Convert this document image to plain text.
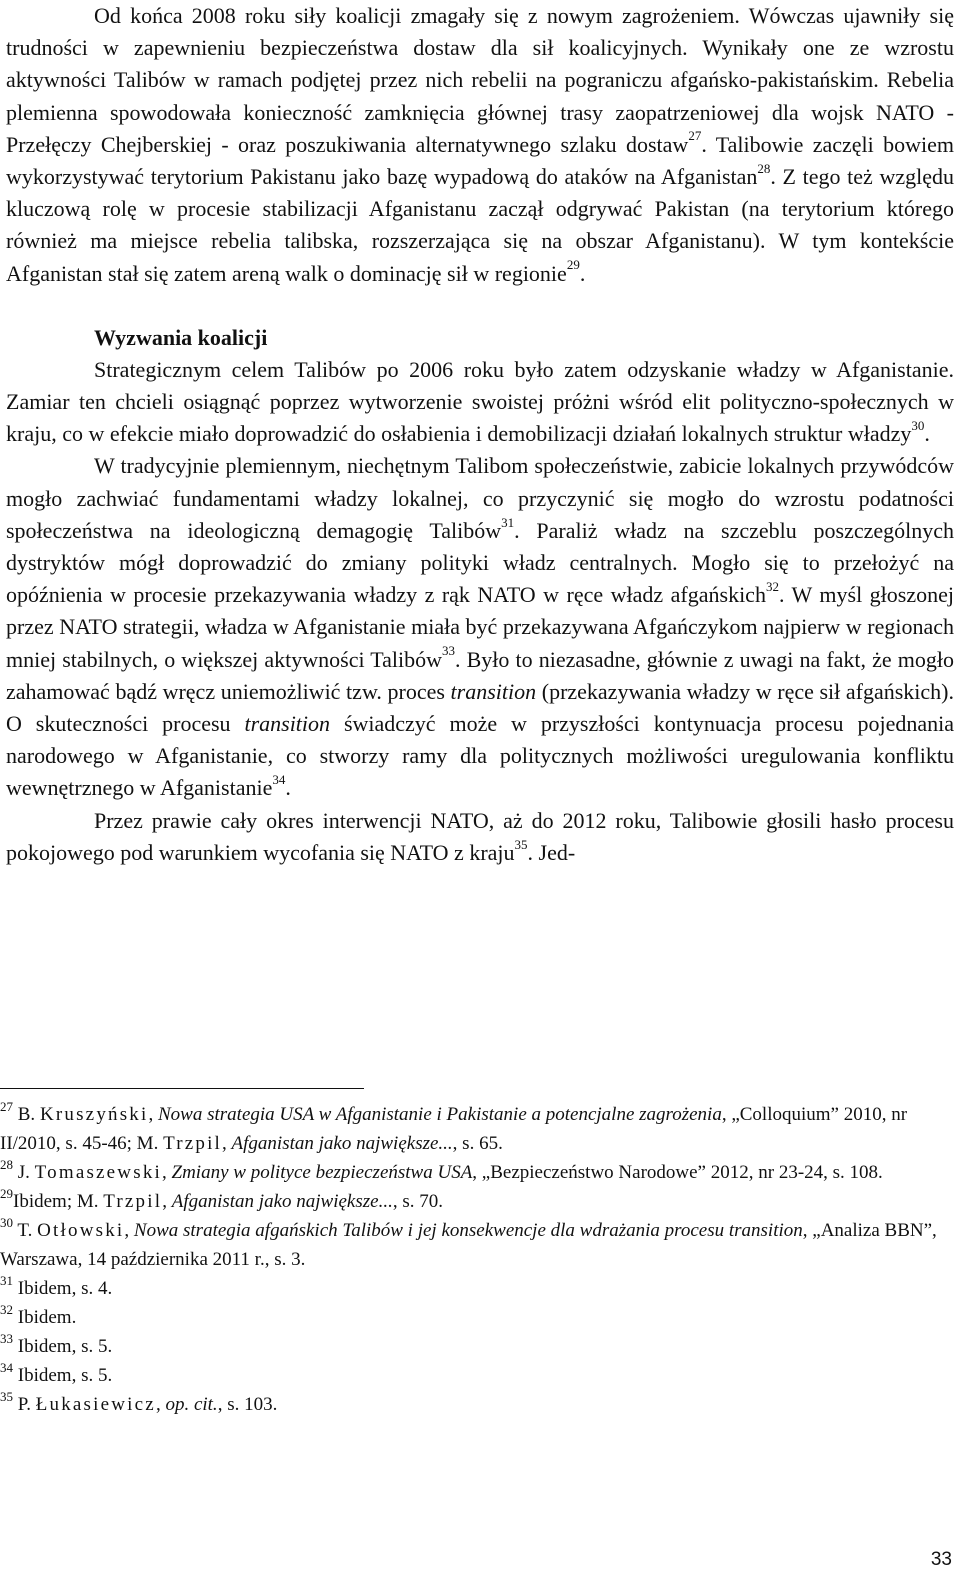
Od końca 2008 roku siły koalicji zmagały się z nowym zagrożeniem. Wówczas ujawniły się trudności w zapewnieniu bezpieczeństwa dostaw dla sił koalicyjnych. Wynikały one ze wzrostu aktywności Talibów w ramach podjętej przez nich rebelii na pograniczu afgańsko-pakistańskim. Rebelia plemienna spowodowała konieczność zamknięcia głównej trasy zaopatrzeniowej dla wojsk NATO - Przełęczy Chejberskiej - oraz poszukiwania alternatywnego szlaku dostaw$^{27}$. Talibowie zaczęli bowiem wykorzystywać terytorium Pakistanu jako bazę wypadową do ataków na Afganistan$^{28}$. Z tego też względu kluczową rolę w procesie stabilizacji Afganistanu zaczął odgrywać Pakistan (na terytorium którego również ma miejsce rebelia talibska, rozszerzająca się na obszar Afganistanu). W tym kontekście Afganistan stał się zatem areną walk o dominację sił w regionie$^{29}$.

Wyzwania koalicji

Strategicznym celem Talibów po 2006 roku było zatem odzyskanie władzy w Afganistanie. Zamiar ten chcieli osiągnąć poprzez wytworzenie swoistej próżni wśród elit polityczno-społecznych w kraju, co w efekcie miało doprowadzić do osłabienia i demobilizacji działań lokalnych struktur władzy$^{30}$.

W tradycyjnie plemiennym, niechętnym Talibom społeczeństwie, zabicie lokalnych przywódców mogło zachwiać fundamentami władzy lokalnej, co przyczynić się mogło do wzrostu podatności społeczeństwa na ideologiczną demagogię Talibów$^{31}$. Paraliż władz na szczeblu poszczególnych dystryktów mógł doprowadzić do zmiany polityki władz centralnych. Mogło się to przełożyć na opóźnienia w procesie przekazywania władzy z rąk NATO w ręce władz afgańskich$^{32}$. W myśl głoszonej przez NATO strategii, władza w Afganistanie miała być przekazywana Afgańczykom najpierw w regionach mniej stabilnych, o większej aktywności Talibów$^{33}$. Było to niezasadne, głównie z uwagi na fakt, że mogło zahamować bądź wręcz uniemożliwić tzw. proces transition (przekazywania władzy w ręce sił afgańskich). O skuteczności procesu transition świadczyć może w przyszłości kontynuacja procesu pojednania narodowego w Afganistanie, co stworzy ramy dla politycznych możliwości uregulowania konfliktu wewnętrznego w Afganistanie$^{34}$.

Przez prawie cały okres interwencji NATO, aż do 2012 roku, Talibowie głosili hasło procesu pokojowego pod warunkiem wycofania się NATO z kraju$^{35}$. Jed-

$^{27}$ B. Kruszyński, Nowa strategia USA w Afganistanie i Pakistanie a potencjalne zagrożenia, „Colloquium” 2010, nr II/2010, s. 45-46; M. Trzpil, Afganistan jako największe..., s. 65.

$^{28}$ J. Tomaszewski, Zmiany w polityce bezpieczeństwa USA, „Bezpieczeństwo Narodowe” 2012, nr 23-24, s. 108.

$^{29}$Ibidem; M. Trzpil, Afganistan jako największe..., s. 70.

$^{30}$ T. Otłowski, Nowa strategia afgańskich Talibów i jej konsekwencje dla wdrażania procesu transition, „Analiza BBN”, Warszawa, 14 października 2011 r., s. 3.

$^{31}$ Ibidem, s. 4.

$^{32}$ Ibidem.

$^{33}$ Ibidem, s. 5.

$^{34}$ Ibidem, s. 5.

$^{35}$ P. Łukasiewicz, op. cit., s. 103.

33
